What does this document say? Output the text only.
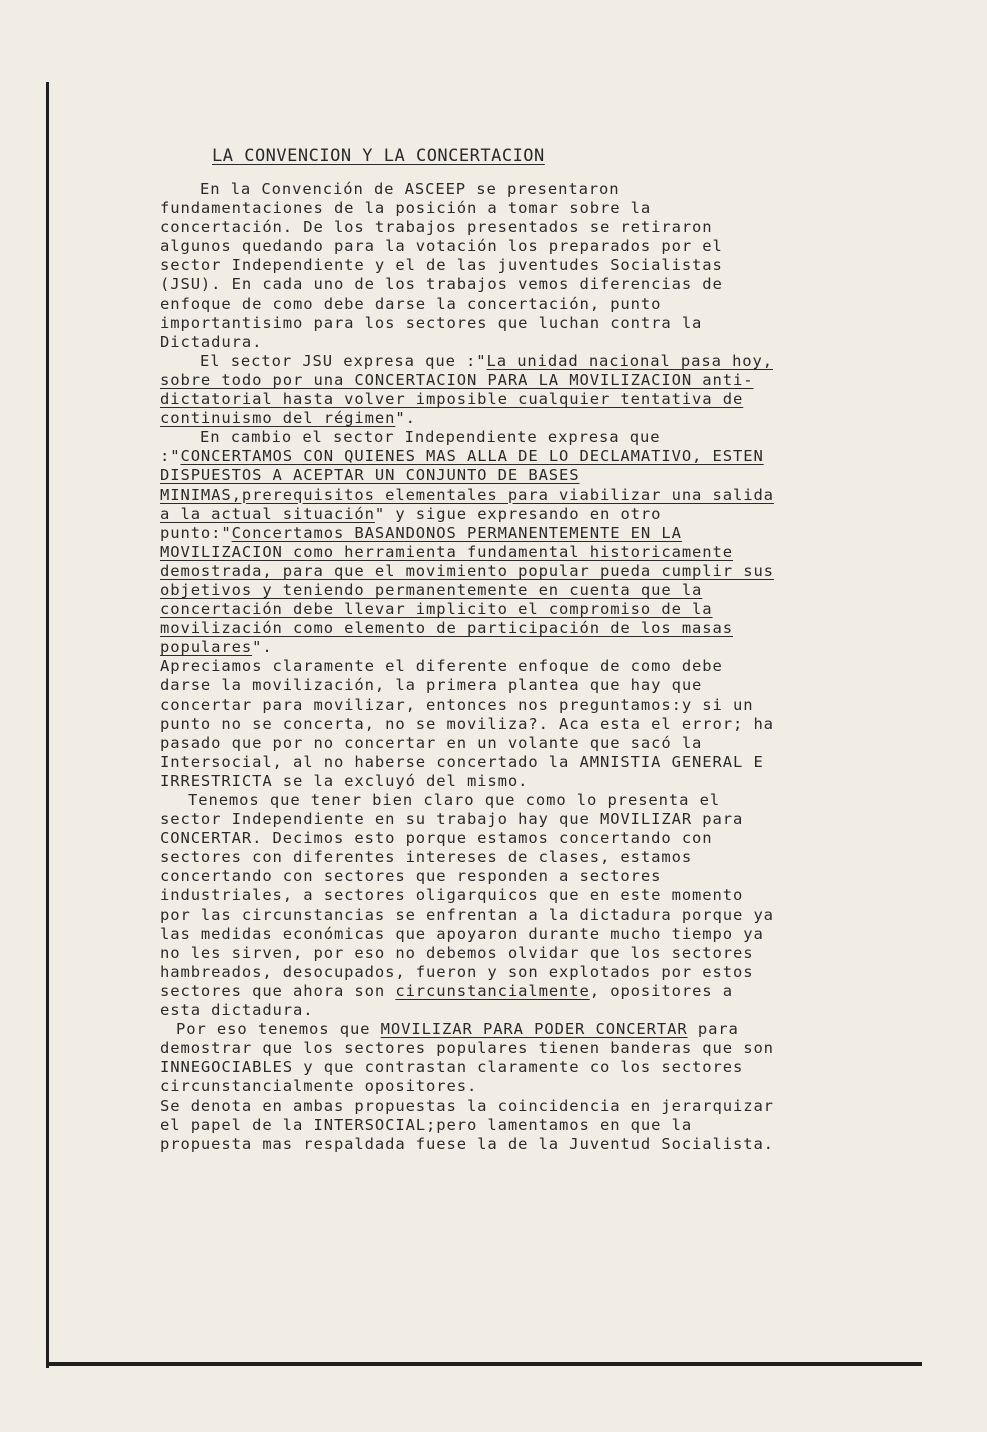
LA CONVENCION Y LA CONCERTACION

En la Convención de ASCEEP se presentaron fundamentaciones de la posición a tomar sobre la concertación. De los trabajos presentados se retiraron algunos quedando para la votación los preparados por el sector Independiente y el de las juventudes Socialistas (JSU). En cada uno de los trabajos vemos diferencias de enfoque de como debe darse la concertación, punto importantisimo para los sectores que luchan contra la Dictadura.

El sector JSU expresa que :"La unidad nacional pasa hoy, sobre todo por una CONCERTACION PARA LA MOVILIZACION anti-dictatorial hasta volver imposible cualquier tentativa de continuismo del régimen".

En cambio el sector Independiente expresa que :"CONCERTAMOS CON QUIENES MAS ALLA DE LO DECLAMATIVO, ESTEN DISPUESTOS A ACEPTAR UN CONJUNTO DE BASES MINIMAS,prerequisitos elementales para viabilizar una salida a la actual situación" y sigue expresando en otro punto:"Concertamos BASANDONOS PERMANENTEMENTE EN LA MOVILIZACION como herramienta fundamental historicamente demostrada, para que el movimiento popular pueda cumplir sus objetivos y teniendo permanentemente en cuenta que la concertación debe llevar implicito el compromiso de la movilización como elemento de participación de los masas populares".

Apreciamos claramente el diferente enfoque de como debe darse la movilización, la primera plantea que hay que concertar para movilizar, entonces nos preguntamos:y si un punto no se concerta, no se moviliza?. Aca esta el error; ha pasado que por no concertar en un volante que sacó la Intersocial, al no haberse concertado la AMNISTIA GENERAL E IRRESTRICTA se la excluyó del mismo.

Tenemos que tener bien claro que como lo presenta el sector Independiente en su trabajo hay que MOVILIZAR para CONCERTAR. Decimos esto porque estamos concertando con sectores con diferentes intereses de clases, estamos concertando con sectores que responden a sectores industriales, a sectores oligarquicos que en este momento por las circunstancias se enfrentan a la dictadura porque ya las medidas económicas que apoyaron durante mucho tiempo ya no les sirven, por eso no debemos olvidar que los sectores hambreados, desocupados, fueron y son explotados por estos sectores que ahora son circunstancialmente, opositores a esta dictadura.

Por eso tenemos que MOVILIZAR PARA PODER CONCERTAR para demostrar que los sectores populares tienen banderas que son INNEGOCIABLES y que contrastan claramente co los sectores circunstancialmente opositores.

Se denota en ambas propuestas la coincidencia en jerarquizar el papel de la INTERSOCIAL;pero lamentamos en que la propuesta mas respaldada fuese la de la Juventud Socialista.
